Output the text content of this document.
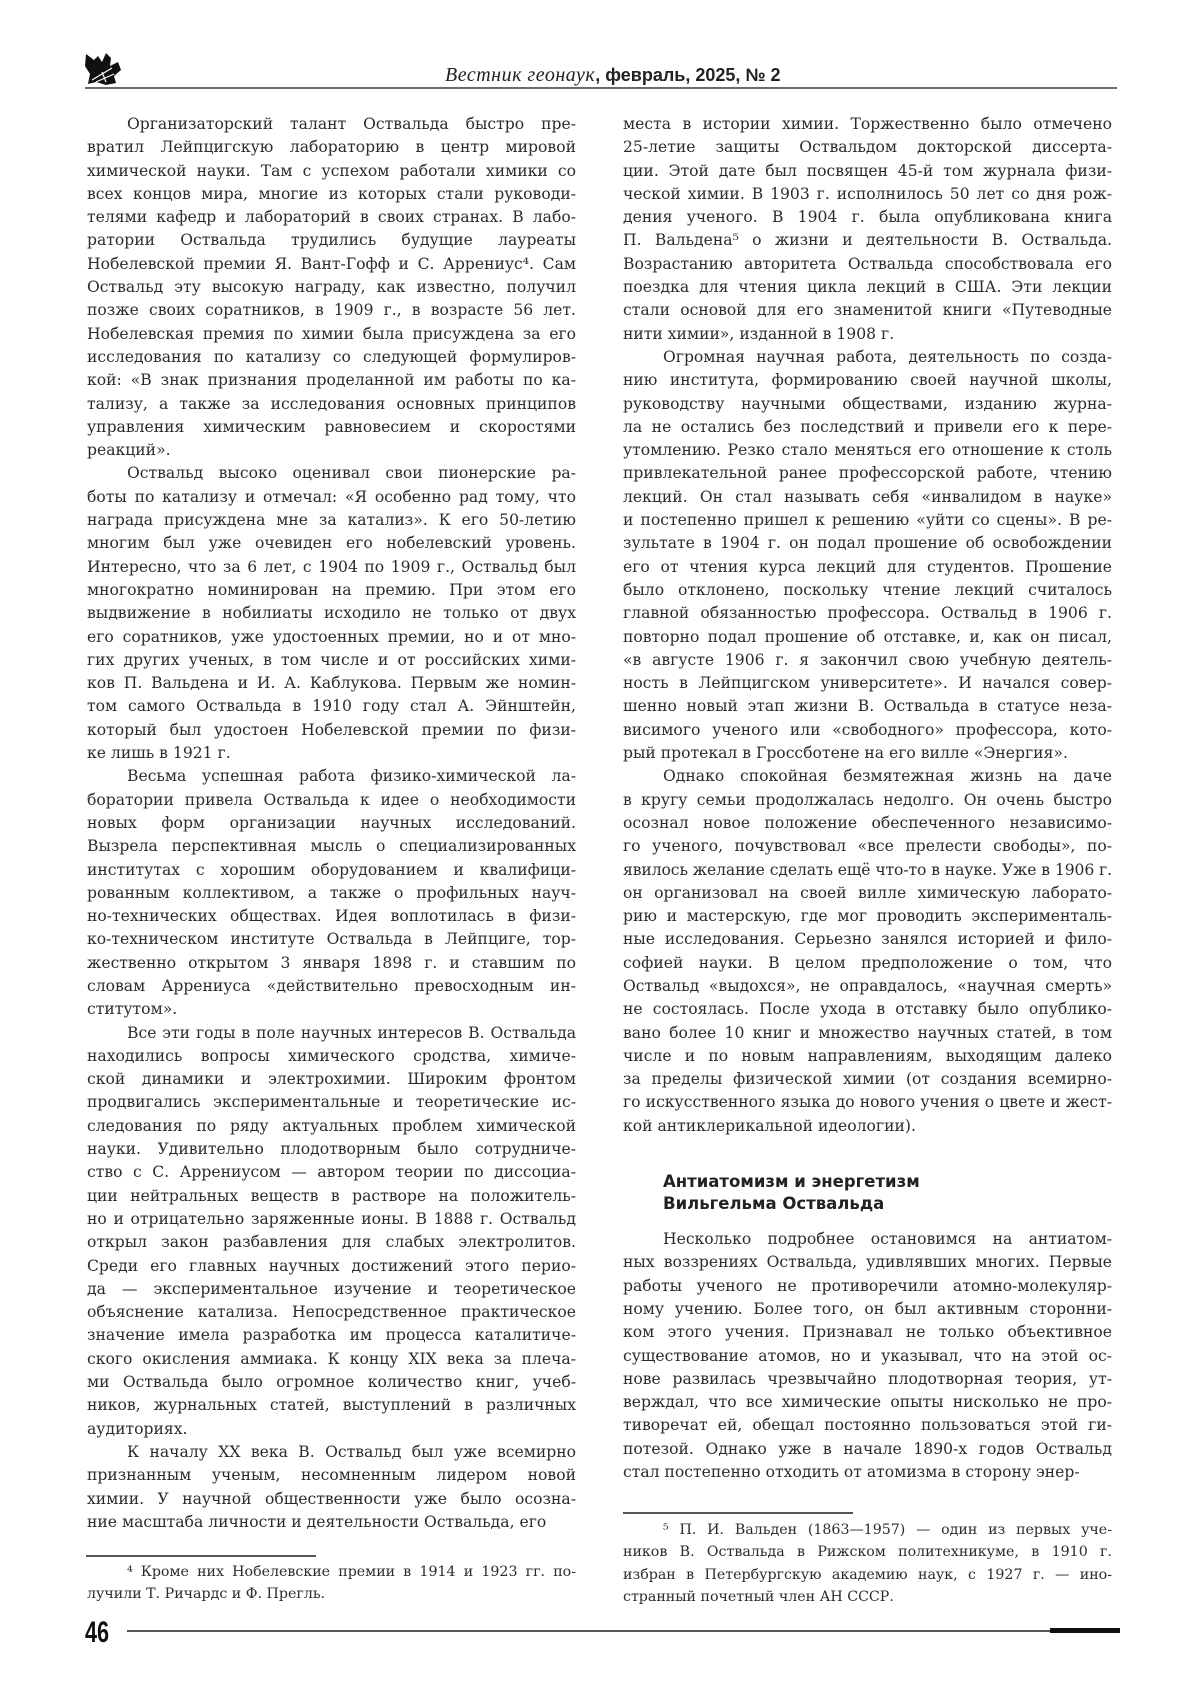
Вестник геонаук, февраль, 2025, № 2
Организаторский талант Оствальда быстро пре-
вратил Лейпцигскую лабораторию в центр мировой
химической науки. Там с успехом работали химики со
всех концов мира, многие из которых стали руководи-
телями кафедр и лабораторий в своих странах. В лабо-
ратории Оствальда трудились будущие лауреаты
Нобелевской премии Я. Вант-Гофф и С. Аррениус⁴. Сам
Оствальд эту высокую награду, как известно, получил
позже своих соратников, в 1909 г., в возрасте 56 лет.
Нобелевская премия по химии была присуждена за его
исследования по катализу со следующей формулиров-
кой: «В знак признания проделанной им работы по ка-
тализу, а также за исследования основных принципов
управления химическим равновесием и скоростями
реакций».
Оствальд высоко оценивал свои пионерские ра-
боты по катализу и отмечал: «Я особенно рад тому, что
награда присуждена мне за катализ». К его 50-летию
многим был уже очевиден его нобелевский уровень.
Интересно, что за 6 лет, с 1904 по 1909 г., Оствальд был
многократно номинирован на премию. При этом его
выдвижение в нобилиаты исходило не только от двух
его соратников, уже удостоенных премии, но и от мно-
гих других ученых, в том числе и от российских хими-
ков П. Вальдена и И. А. Каблукова. Первым же номин-
том самого Оствальда в 1910 году стал А. Эйнштейн,
который был удостоен Нобелевской премии по физи-
ке лишь в 1921 г.
Весьма успешная работа физико-химической ла-
боратории привела Оствальда к идее о необходимости
новых форм организации научных исследований.
Вызрела перспективная мысль о специализированных
институтах с хорошим оборудованием и квалифици-
рованным коллективом, а также о профильных науч-
но-технических обществах. Идея воплотилась в физи-
ко-техническом институте Оствальда в Лейпциге, тор-
жественно открытом 3 января 1898 г. и ставшим по
словам Аррениуса «действительно превосходным ин-
ститутом».
Все эти годы в поле научных интересов В. Оствальда
находились вопросы химического сродства, химиче-
ской динамики и электрохимии. Широким фронтом
продвигались экспериментальные и теоретические ис-
следования по ряду актуальных проблем химической
науки. Удивительно плодотворным было сотрудниче-
ство с С. Аррениусом — автором теории по диссоциа-
ции нейтральных веществ в растворе на положитель-
но и отрицательно заряженные ионы. В 1888 г. Оствальд
открыл закон разбавления для слабых электролитов.
Среди его главных научных достижений этого перио-
да — экспериментальное изучение и теоретическое
объяснение катализа. Непосредственное практическое
значение имела разработка им процесса каталитиче-
ского окисления аммиака. К концу XIX века за плеча-
ми Оствальда было огромное количество книг, учеб-
ников, журнальных статей, выступлений в различных
аудиториях.
К началу XX века В. Оствальд был уже всемирно
признанным ученым, несомненным лидером новой
химии. У научной общественности уже было осозна-
ние масштаба личности и деятельности Оствальда, его
места в истории химии. Торжественно было отмечено
25-летие защиты Оствальдом докторской диссерта-
ции. Этой дате был посвящен 45-й том журнала физи-
ческой химии. В 1903 г. исполнилось 50 лет со дня рож-
дения ученого. В 1904 г. была опубликована книга
П. Вальдена⁵ о жизни и деятельности В. Оствальда.
Возрастанию авторитета Оствальда способствовала его
поездка для чтения цикла лекций в США. Эти лекции
стали основой для его знаменитой книги «Путеводные
нити химии», изданной в 1908 г.
Огромная научная работа, деятельность по созда-
нию института, формированию своей научной школы,
руководству научными обществами, изданию журна-
ла не остались без последствий и привели его к пере-
утомлению. Резко стало меняться его отношение к столь
привлекательной ранее профессорской работе, чтению
лекций. Он стал называть себя «инвалидом в науке»
и постепенно пришел к решению «уйти со сцены». В ре-
зультате в 1904 г. он подал прошение об освобождении
его от чтения курса лекций для студентов. Прошение
было отклонено, поскольку чтение лекций считалось
главной обязанностью профессора. Оствальд в 1906 г.
повторно подал прошение об отставке, и, как он писал,
«в августе 1906 г. я закончил свою учебную деятель-
ность в Лейпцигском университете». И начался совер-
шенно новый этап жизни В. Оствальда в статусе неза-
висимого ученого или «свободного» профессора, кото-
рый протекал в Гроссботене на его вилле «Энергия».
Однако спокойная безмятежная жизнь на даче
в кругу семьи продолжалась недолго. Он очень быстро
осознал новое положение обеспеченного независимо-
го ученого, почувствовал «все прелести свободы», по-
явилось желание сделать ещё что-то в науке. Уже в 1906 г.
он организовал на своей вилле химическую лаборато-
рию и мастерскую, где мог проводить эксперименталь-
ные исследования. Серьезно занялся историей и фило-
софией науки. В целом предположение о том, что
Оствальд «выдохся», не оправдалось, «научная смерть»
не состоялась. После ухода в отставку было опублико-
вано более 10 книг и множество научных статей, в том
числе и по новым направлениям, выходящим далеко
за пределы физической химии (от создания всемирно-
го искусственного языка до нового учения о цвете и жест-
кой антиклерикальной идеологии).
Антиатомизм и энергетизм
Вильгельма Оствальда
Несколько подробнее остановимся на антиатом-
ных воззрениях Оствальда, удивлявших многих. Первые
работы ученого не противоречили атомно-молекуляр-
ному учению. Более того, он был активным сторонни-
ком этого учения. Признавал не только объективное
существование атомов, но и указывал, что на этой ос-
нове развилась чрезвычайно плодотворная теория, ут-
верждал, что все химические опыты нисколько не про-
тиворечат ей, обещал постоянно пользоваться этой ги-
потезой. Однако уже в начале 1890-х годов Оствальд
стал постепенно отходить от атомизма в сторону энер-
⁴ Кроме них Нобелевские премии в 1914 и 1923 гг. по-
лучили Т. Ричардс и Ф. Прегль.
⁵ П. И. Вальден (1863—1957) — один из первых уче-
ников В. Оствальда в Рижском политехникуме, в 1910 г.
избран в Петербургскую академию наук, с 1927 г. — ино-
странный почетный член АН СССР.
46
